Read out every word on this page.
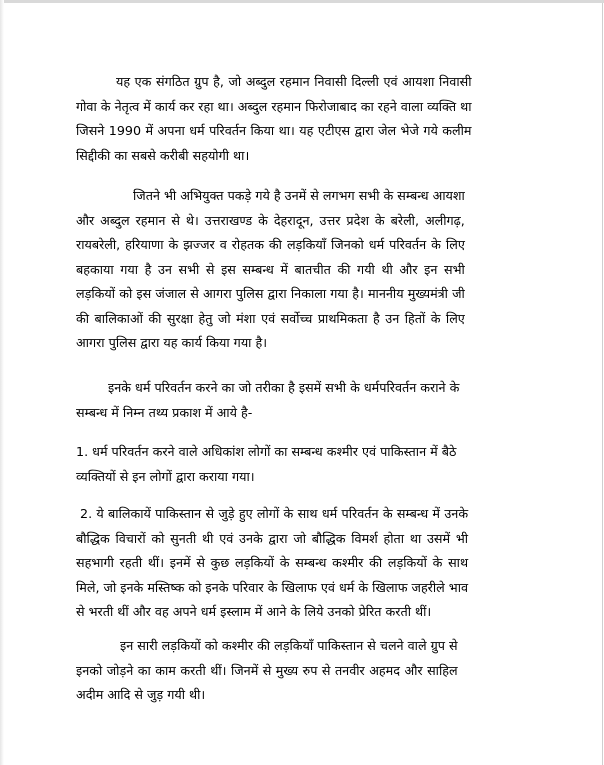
यह एक संगठित ग्रुप है, जो अब्दुल रहमान निवासी दिल्ली एवं आयशा निवासी
गोवा के नेतृत्व में कार्य कर रहा था। अब्दुल रहमान फिरोजाबाद का रहने वाला व्यक्ति था
जिसने 1990 में अपना धर्म परिवर्तन किया था। यह एटीएस द्वारा जेल भेजे गये कलीम
सिद्दीकी का सबसे करीबी सहयोगी था।

जितने भी अभियुक्त पकड़े गये है उनमें से लगभग सभी के सम्बन्ध आयशा
और अब्दुल रहमान से थे। उत्तराखण्ड के देहरादून, उत्तर प्रदेश के बरेली, अलीगढ़,
रायबरेली, हरियाणा के झज्जर व रोहतक की लड़कियाँ जिनको धर्म परिवर्तन के लिए
बहकाया गया है उन सभी से इस सम्बन्ध में बातचीत की गयी थी और इन सभी
लड़कियों को इस जंजाल से आगरा पुलिस द्वारा निकाला गया है। माननीय मुख्यमंत्री जी
की बालिकाओं की सुरक्षा हेतु जो मंशा एवं सर्वोच्च प्राथमिकता है उन हितों के लिए
आगरा पुलिस द्वारा यह कार्य किया गया है।

इनके धर्म परिवर्तन करने का जो तरीका है इसमें सभी के धर्मपरिवर्तन कराने के
सम्बन्ध में निम्न तथ्य प्रकाश में आये है-

1. धर्म परिवर्तन करने वाले अधिकांश लोगों का सम्बन्ध कश्मीर एवं पाकिस्तान में बैठे
व्यक्तियों से इन लोगों द्वारा कराया गया।

2. ये बालिकायें पाकिस्तान से जुड़े हुए लोगों के साथ धर्म परिवर्तन के सम्बन्ध में उनके
बौद्धिक विचारों को सुनती थी एवं उनके द्वारा जो बौद्धिक विमर्श होता था उसमें भी
सहभागी रहती थीं। इनमें से कुछ लड़कियों के सम्बन्ध कश्मीर की लड़कियों के साथ
मिले, जो इनके मस्तिष्क को इनके परिवार के खिलाफ एवं धर्म के खिलाफ जहरीले भाव
से भरती थीं और वह अपने धर्म इस्लाम में आने के लिये उनको प्रेरित करती थीं।

इन सारी लड़कियों को कश्मीर की लड़कियाँ पाकिस्तान से चलने वाले ग्रुप से
इनको जोड़ने का काम करती थीं। जिनमें से मुख्य रुप से तनवीर अहमद और साहिल
अदीम आदि से जुड़ गयी थी।
